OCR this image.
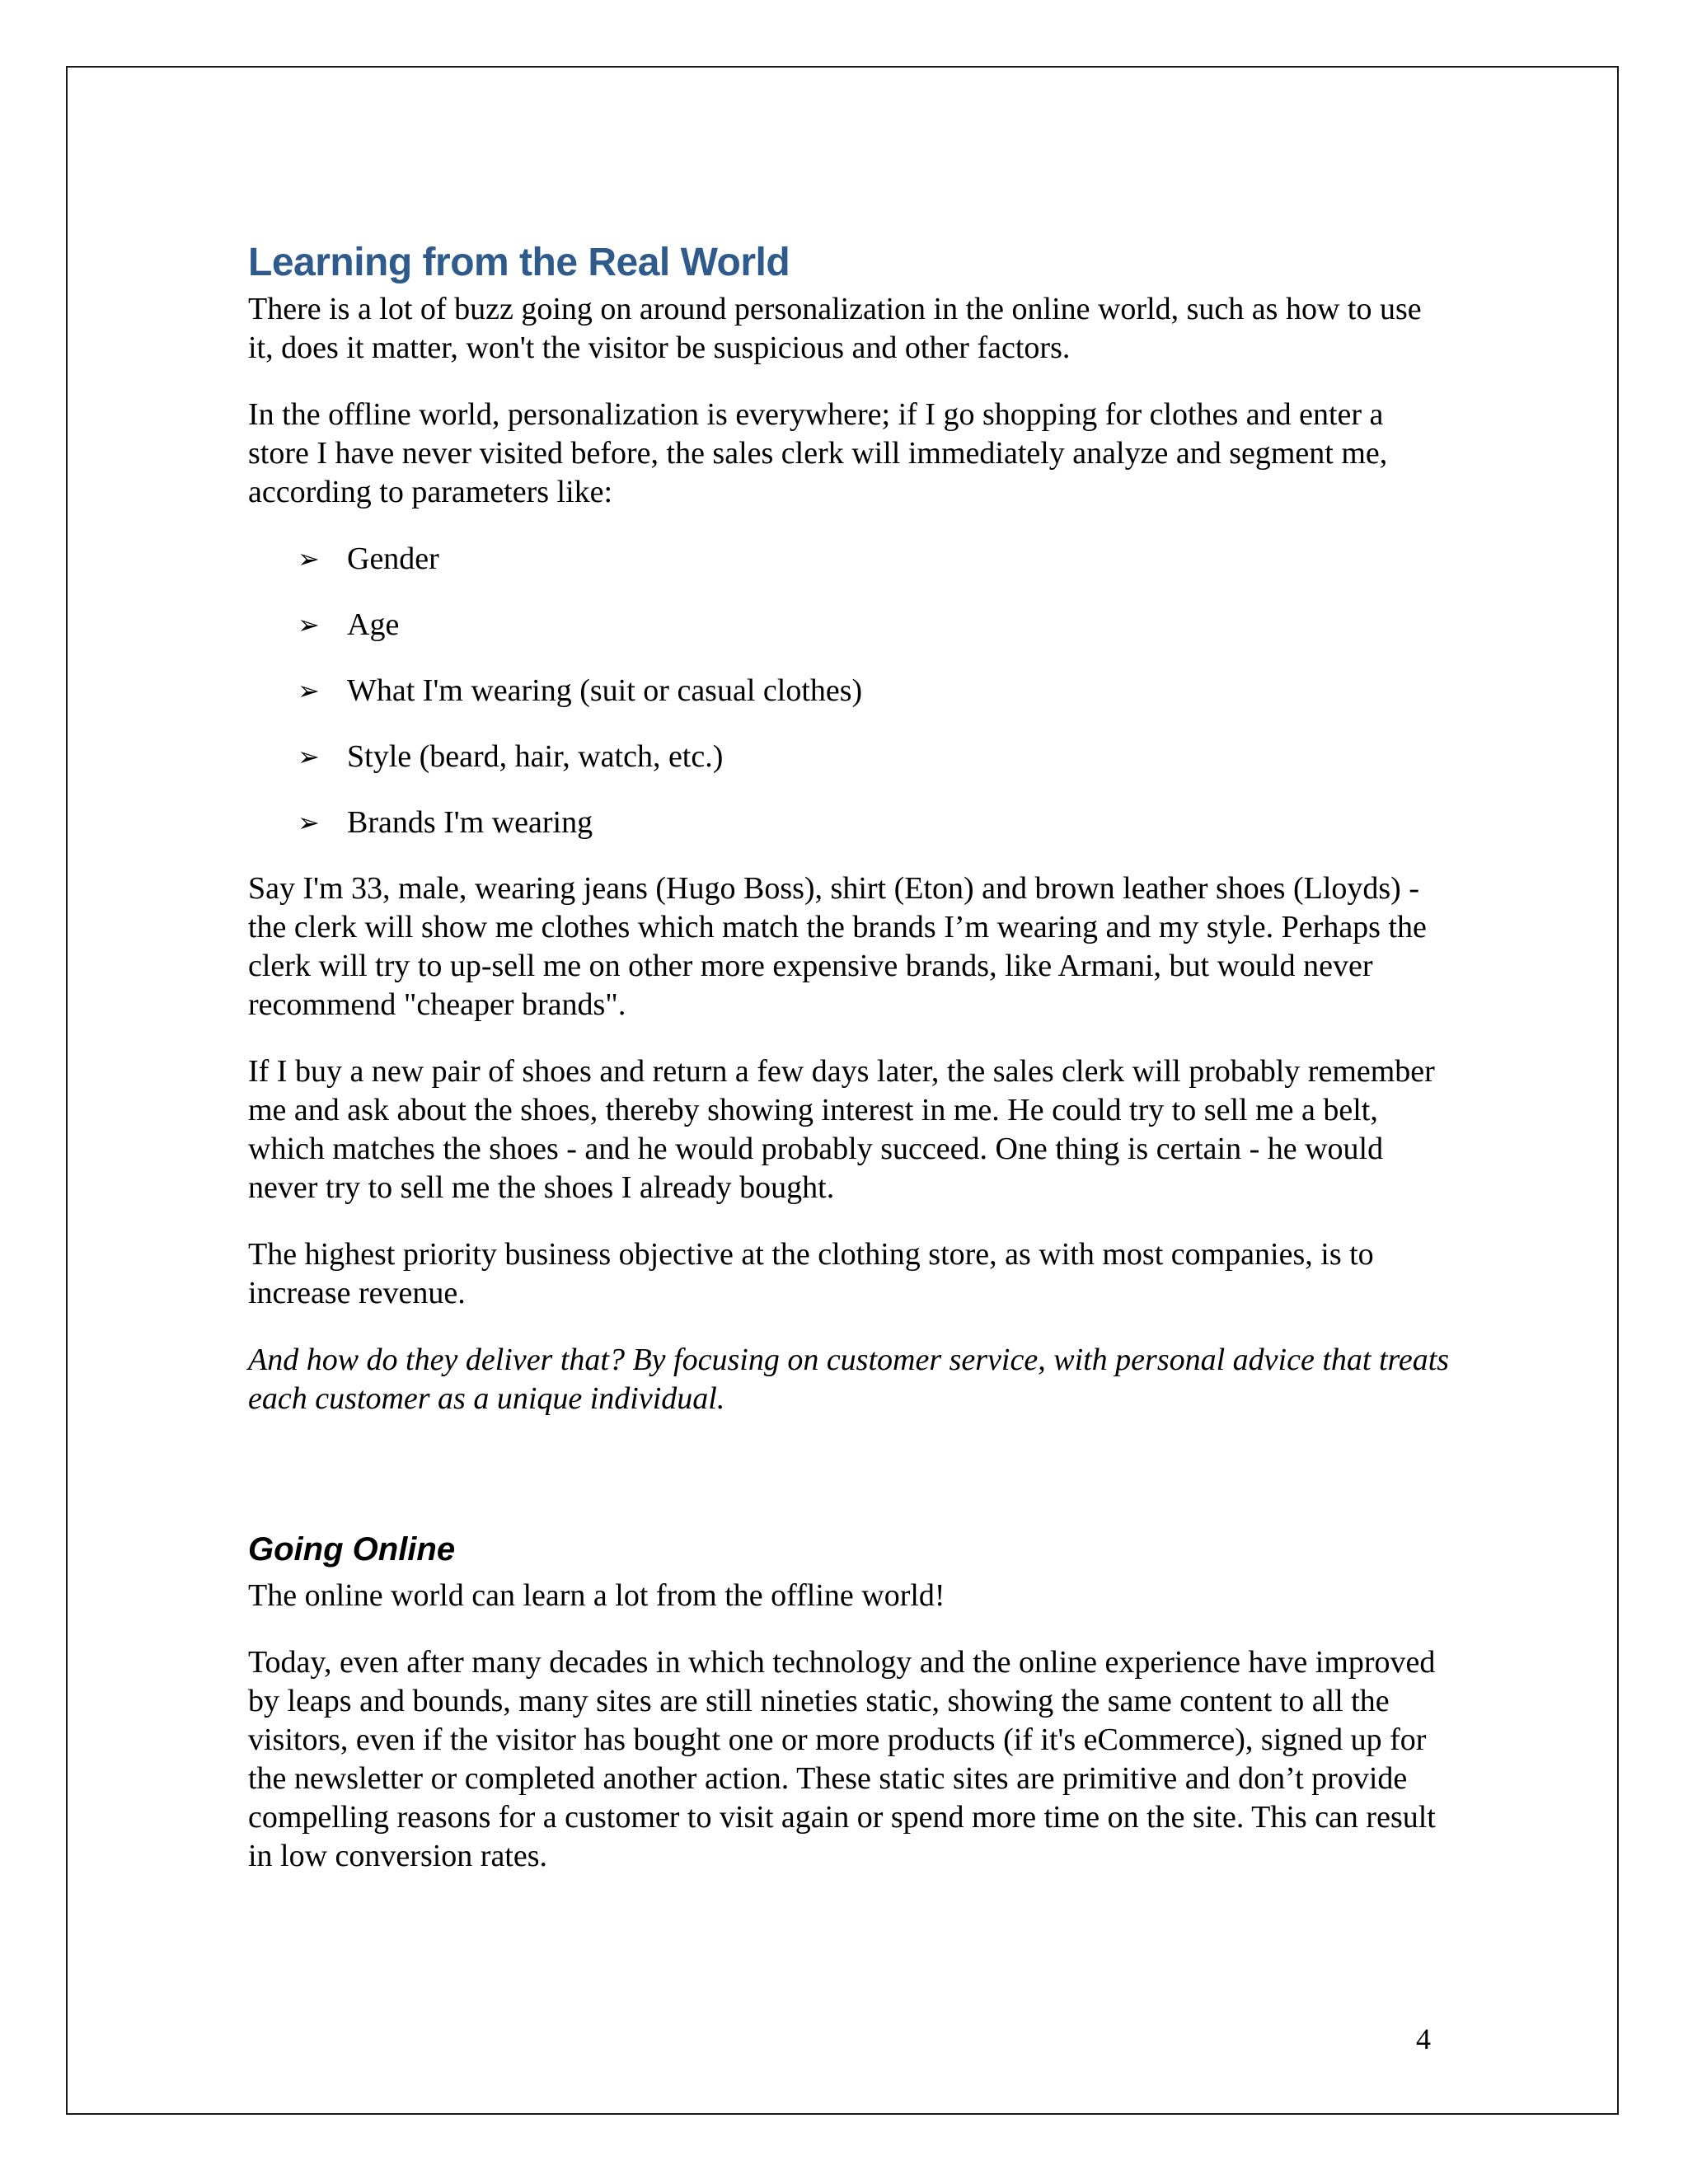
Learning from the Real World

There is a lot of buzz going on around personalization in the online world, such as how to use it, does it matter, won't the visitor be suspicious and other factors.

In the offline world, personalization is everywhere; if I go shopping for clothes and enter a store I have never visited before, the sales clerk will immediately analyze and segment me, according to parameters like:

➢ Gender
➢ Age
➢ What I'm wearing (suit or casual clothes)
➢ Style (beard, hair, watch, etc.)
➢ Brands I'm wearing

Say I'm 33, male, wearing jeans (Hugo Boss), shirt (Eton) and brown leather shoes (Lloyds) - the clerk will show me clothes which match the brands I’m wearing and my style. Perhaps the clerk will try to up-sell me on other more expensive brands, like Armani, but would never recommend "cheaper brands".

If I buy a new pair of shoes and return a few days later, the sales clerk will probably remember me and ask about the shoes, thereby showing interest in me. He could try to sell me a belt, which matches the shoes - and he would probably succeed. One thing is certain - he would never try to sell me the shoes I already bought.

The highest priority business objective at the clothing store, as with most companies, is to increase revenue.

And how do they deliver that? By focusing on customer service, with personal advice that treats each customer as a unique individual.

Going Online

The online world can learn a lot from the offline world!

Today, even after many decades in which technology and the online experience have improved by leaps and bounds, many sites are still nineties static, showing the same content to all the visitors, even if the visitor has bought one or more products (if it's eCommerce), signed up for the newsletter or completed another action. These static sites are primitive and don’t provide compelling reasons for a customer to visit again or spend more time on the site. This can result in low conversion rates.

4
